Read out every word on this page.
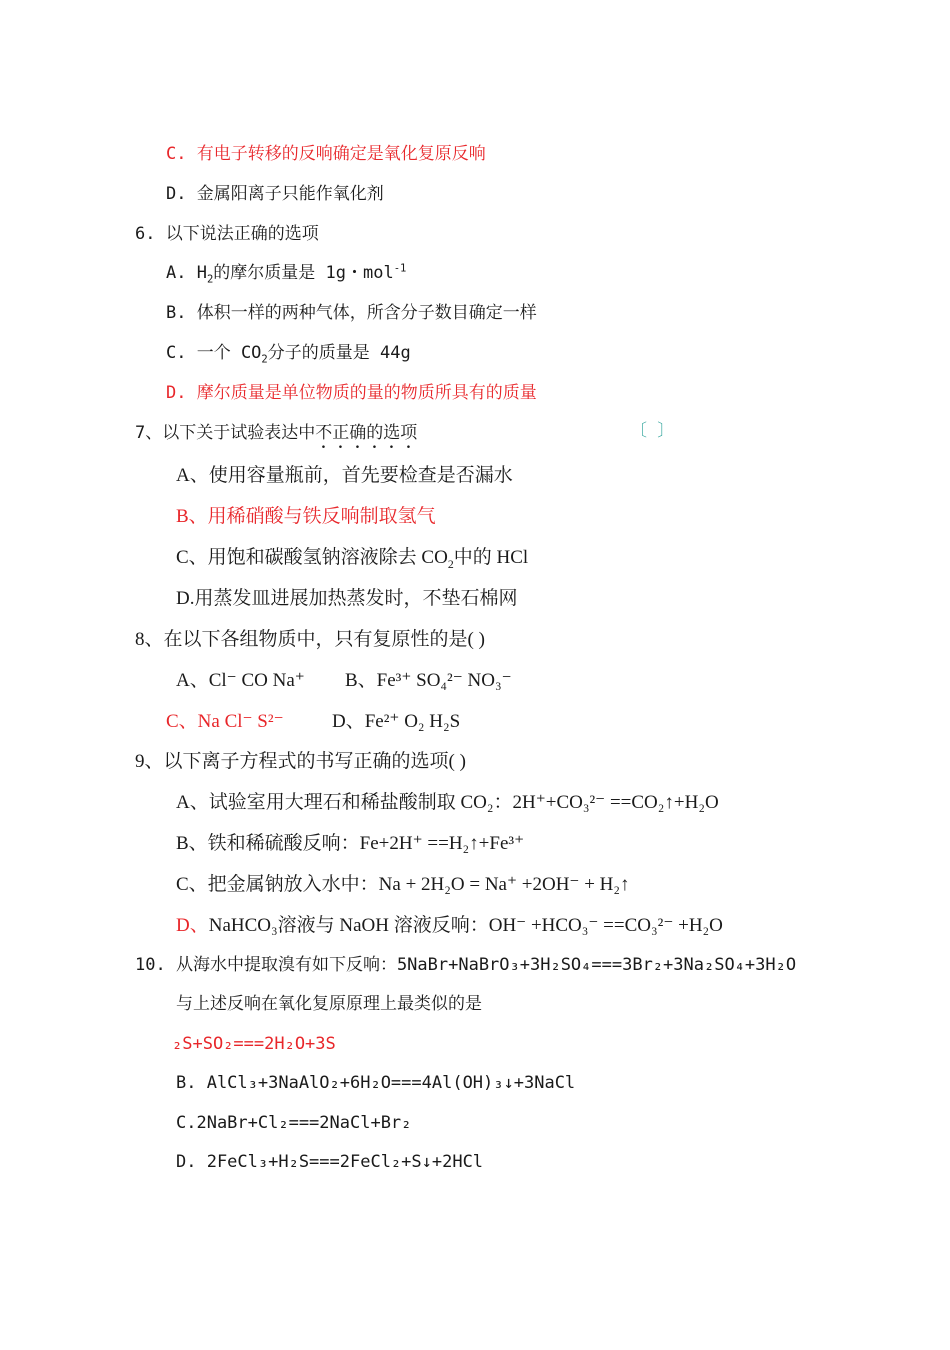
C. 有电子转移的反响确定是氧化复原反响
D. 金属阳离子只能作氧化剂
6. 以下说法正确的选项
A. $H_2$的摩尔质量是 1g・mol$^{-1}$
B. 体积一样的两种气体，所含分子数目确定一样
C. 一个 $CO_2$分子的质量是 44g
D. 摩尔质量是单位物质的量的物质所具有的质量
7、以下关于试验表达中不正确的选项	〔 〕
A、使用容量瓶前，首先要检查是否漏水
B、用稀硝酸与铁反响制取氢气
C、用饱和碳酸氢钠溶液除去 $CO_2$中的 HCl
D.用蒸发皿进展加热蒸发时，不垫石棉网
8、在以下各组物质中，只有复原性的是( )
A、Cl⁻ CO Na⁺ B、Fe³⁺ SO₄²⁻ NO₃⁻
C、Na Cl⁻ S²⁻	D、Fe²⁺ O₂ H₂S
9、以下离子方程式的书写正确的选项( )
A、试验室用大理石和稀盐酸制取 CO₂：2H⁺+CO₃²⁻ ==CO₂↑+H₂O
B、铁和稀硫酸反响：Fe+2H⁺ ==H₂↑+Fe³⁺
C、把金属钠放入水中：Na + 2H₂O = Na⁺ +2OH⁻ + H₂↑
D、NaHCO₃溶液与 NaOH 溶液反响：OH⁻ +HCO₃⁻ ==CO₃²⁻ +H₂O
10. 从海水中提取溴有如下反响：5NaBr+NaBrO₃+3H₂SO₄===3Br₂+3Na₂SO₄+3H₂O
与上述反响在氧化复原原理上最类似的是
₂S+SO₂===2H₂O+3S
B. AlCl₃+3NaAlO₂+6H₂O===4Al(OH)₃↓+3NaCl
C.2NaBr+Cl₂===2NaCl+Br₂
D. 2FeCl₃+H₂S===2FeCl₂+S↓+2HCl
